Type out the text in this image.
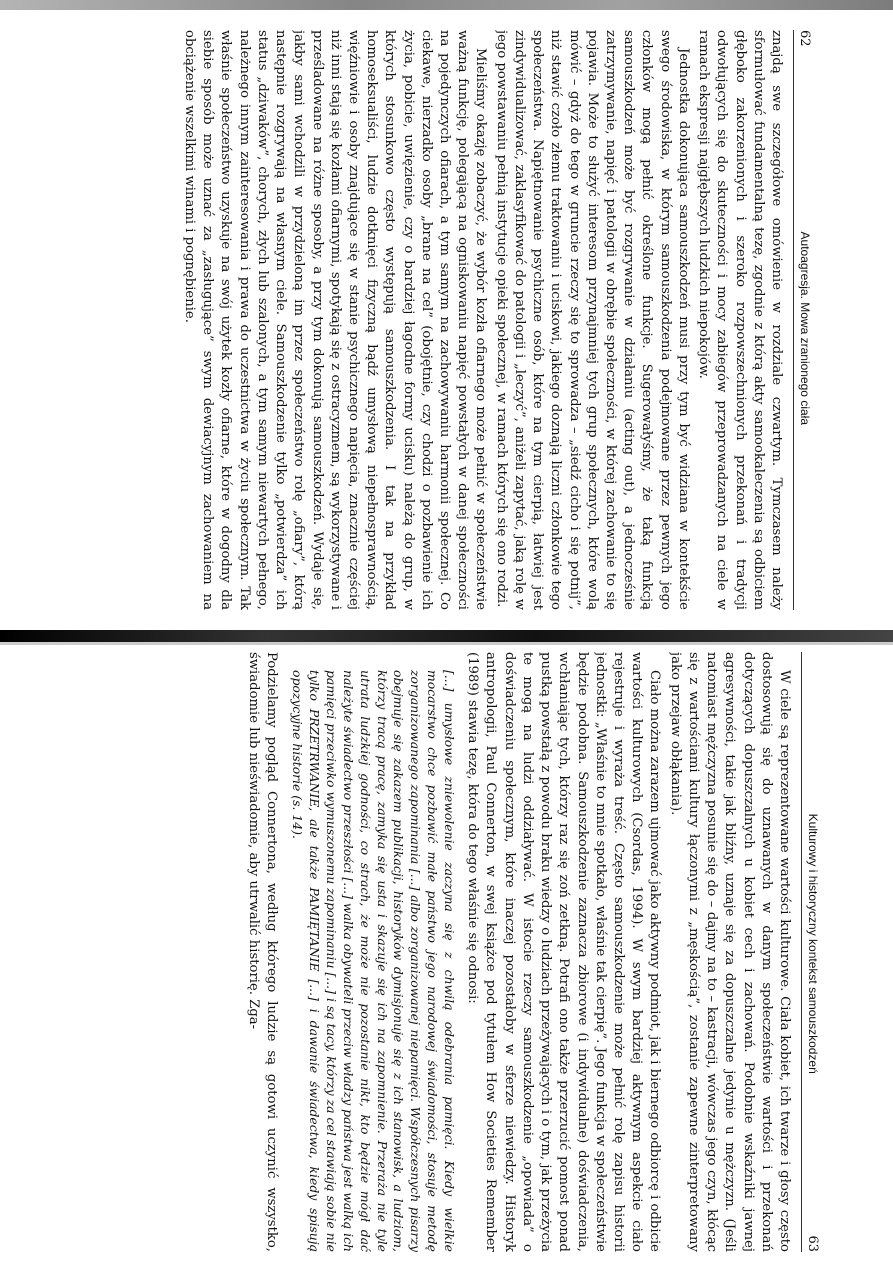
62
Autoagresja. Mowa zranionego ciała

znajdą swe szczegółowe omówienie w rozdziale czwartym. Tymczasem należy sformułować fundamentalną tezę, zgodnie z którą akty samookaleczenia są odbiciem głęboko zakorzenionych i szeroko rozpowszechnionych przekonań i tradycji odwołujących się do skuteczności i mocy zabiegów przeprowadzanych na ciele w ramach ekspresji najgłębszych ludzkich niepokojów.

Jednostka dokonująca samouszkodzeń musi przy tym być widziana w kontekście swego środowiska, w którym samouszkodzenia podejmowane przez pewnych jego członków mogą pełnić określone funkcje. Sugerowałyśmy, że taką funkcją samouszkodzeń może być rozgrywanie w działaniu (acting out), a jednocześnie zatrzymywanie, napięć i patologii w obrębie społeczności, w której zachowanie to się pojawia. Może to służyć interesom przynajmniej tych grup społecznych, które wolą mówić – gdyż do tego w gruncie rzeczy się to sprowadza – „siedź cicho i się potnij”, niż stawić czoło złemu traktowaniu i uciskowi, jakiego doznają liczni członkowie tego społeczeństwa. Napiętnowanie psychiczne osób, które na tym cierpią, łatwiej jest zindywidualizować, zaklasyfikować do patologii i „leczyć”, aniżeli zapytać, jaką rolę w jego powstawaniu pełnią instytucje opieki społecznej, w ramach których się ono rodzi.

Mieliśmy okazję zobaczyć, że wybór kozła ofiarnego może pełnić w społeczeństwie ważną funkcję, polegającą na ogniskowaniu napięć powstałych w danej społeczności na pojedynczych ofiarach, a tym samym na zachowywaniu harmonii społecznej. Co ciekawe, nierzadko osoby „brane na cel” (obojętnie, czy chodzi o pozbawienie ich życia, pobicie, uwięzienie, czy o bardziej łagodne formy ucisku) należą do grup, w których stosunkowo często występują samouszkodzenia. I tak na przykład homoseksualiści, ludzie dotknięci fizyczną bądź umysłową niepełnosprawnością, więźniowie i osoby znajdujące się w stanie psychicznego napięcia, znacznie częściej niż inni stają się kozłami ofiarnymi, spotykają się z ostracyzmem, są wykorzystywane i prześladowane na różne sposoby, a przy tym dokonują samouszkodzeń. Wydaje się, jakby sami wchodzili w przydzieloną im przez społeczeństwo rolę „ofiary”, którą następnie rozgrywają na własnym ciele. Samouszkodzenie tylko „potwierdza” ich status „dziwaków”, chorych, złych lub szalonych, a tym samym niewartych pełnego, należnego innym zainteresowania i prawa do uczestnictwa w życiu społecznym. Tak właśnie społeczeństwo uzyskuje na swój użytek kozły ofiarne, które w dogodny dla siebie sposób może uznać za „zasługujące” swym dewiacyjnym zachowaniem na obciążenie wszelkimi winami i pognębienie.

Kulturowy i historyczny kontekst samouszkodzeń
63

W ciele są reprezentowane wartości kulturowe. Ciała kobiet, ich twarze i głosy często dostosowują się do uznawanych w danym społeczeństwie wartości i przekonań dotyczących dopuszczalnych u kobiet cech i zachowań. Podobnie wskaźniki jawnej agresywności, takie jak bliźny, uznaje się za dopuszczalne jedynie u mężczyzn. (Jeśli natomiast mężczyzna posunie się do – dajmy na to – kastracji, wówczas jego czyn, kłócąc się z wartościami kultury łączonymi z „męskością”, zostanie zapewne zinterpretowany jako przejaw obłąkania).

Ciało można zarazem ujmować jako aktywny podmiot, jak i biernego odbiorcę i odbicie wartości kulturowych (Csordas, 1994). W swym bardziej aktywnym aspekcie ciało rejestruje i wyraża treść. Często samouszkodzenie może pełnić rolę zapisu historii jednostki: „Właśnie to mnie spotkało, właśnie tak cierpię”. Jego funkcja w społeczeństwie będzie podobna. Samouszkodzenie zaznacza zbiorowe (i indywidualne) doświadczenia, wchłaniając tych, którzy raz się zoń zetkną. Potrafi ono także przerzucić pomost ponad pustką powstałą z powodu braku wiedzy o ludziach przeżywających i o tym, jak przeżycia te mogą na ludzi oddziaływać. W istocie rzeczy samouszkodzenie „opowiada” o doświadczeniu społecznym, które inaczej pozostałoby w sferze niewiedzy. Historyk antropologii, Paul Connerton, w swej książce pod tytułem How Societies Remember (1989) stawia tezę, która do tego właśnie się odnosi:

[...] umysłowe zniewolenie zaczyna się z chwilą odebrania pamięci. Kiedy wielkie mocarstwo chce pozbawić małe państwo jego narodowej świadomości, stosuje metodę zorganizowanego zapominania [...] albo zorganizowanej niepamięci. Współczesnych pisarzy obejmuje się zakazem publikacji, historyków dymisjonuje się z ich stanowisk, a ludziom, którzy tracą pracę, zamyka się usta i skazuje się ich na zapomnienie. Przeraża nie tyle utrata ludzkiej godności, co strach, że może nie pozostanie nikt, kto będzie mógł dać należyte świadectwo przeszłości [...] walka obywateli przeciw władzy państwa jest walką ich pamięci przeciwko wymuszonemu zapominaniu [...] i są tacy, którzy za cel stawiają sobie nie tylko PRZETRWANIE, ale także PAMIĘTANIE [...] i dawanie świadectwa, kiedy spisują opozycyjne historie (s. 14).

Podzielamy pogląd Connertona, według którego ludzie są gotowi uczynić wszystko, świadomie lub nieświadomie, aby utrwalić historię. Zga-
